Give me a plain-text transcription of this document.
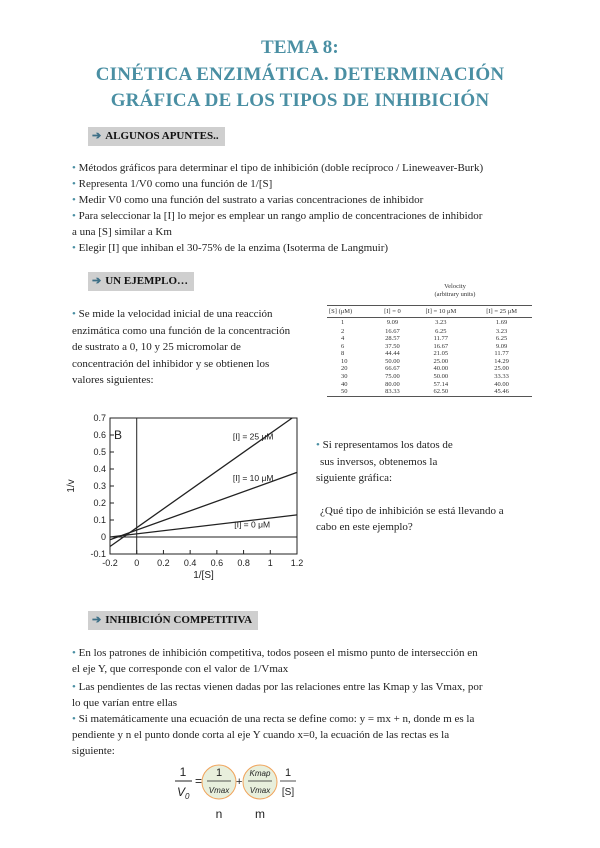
TEMA 8:
CINÉTICA ENZIMÁTICA. DETERMINACIÓN
GRÁFICA DE LOS TIPOS DE INHIBICIÓN
➔ ALGUNOS APUNTES..
• Métodos gráficos para determinar el tipo de inhibición (doble recíproco / Lineweaver-Burk)
• Representa 1/V0 como una función de 1/[S]
• Medir V0 como una función del sustrato a varias concentraciones de inhibidor
• Para seleccionar la [I] lo mejor es emplear un rango amplio de concentraciones de inhibidor
a una [S] similar a Km
• Elegir [I] que inhiban el 30-75% de la enzima (Isoterma de Langmuir)
➔ UN EJEMPLO…
• Se mide la velocidad inicial de una reacción
enzimática como una función de la concentración
de sustrato a 0, 10 y 25 micromolar de
concentración del inhibidor y se obtienen los
valores siguientes:
Velocity
(arbitrary units)
[S] (μM)	[I] = 0	[I] = 10 μM	[I] = 25 μM
1	9.09	3.23	1.69
2	16.67	6.25	3.23
4	28.57	11.77	6.25
6	37.50	16.67	9.09
8	44.44	21.05	11.77
10	50.00	25.00	14.29
20	66.67	40.00	25.00
30	75.00	50.00	33.33
40	80.00	57.14	40.00
50	83.33	62.50	45.46
-0.1
0
0.1
0.2
0.3
0.4
0.5
0.6
0.7
-0.2 0 0.2 0.4 0.6 0.8 1 1.2
1/[S]
1/v
B	[I] = 25 μM
[I] = 10 μM
[I] = 0 μM
• Si representamos los datos de
sus inversos, obtenemos la
siguiente gráfica:
¿Qué tipo de inhibición se está llevando a
cabo en este ejemplo?
➔ INHIBICIÓN COMPETITIVA
• En los patrones de inhibición competitiva, todos poseen el mismo punto de intersección en
el eje Y, que corresponde con el valor de 1/Vmax
• Las pendientes de las rectas vienen dadas por las relaciones entre las Kmap y las Vmax, por
lo que varían entre ellas
• Si matemáticamente una ecuación de una recta se define como: y = mx + n, donde m es la
pendiente y n el punto donde corta al eje Y cuando x=0, la ecuación de las rectas es la
siguiente:
1
$V_0$
=
1
Vmax
+
Kmap
Vmax
1
[S]
n	m
